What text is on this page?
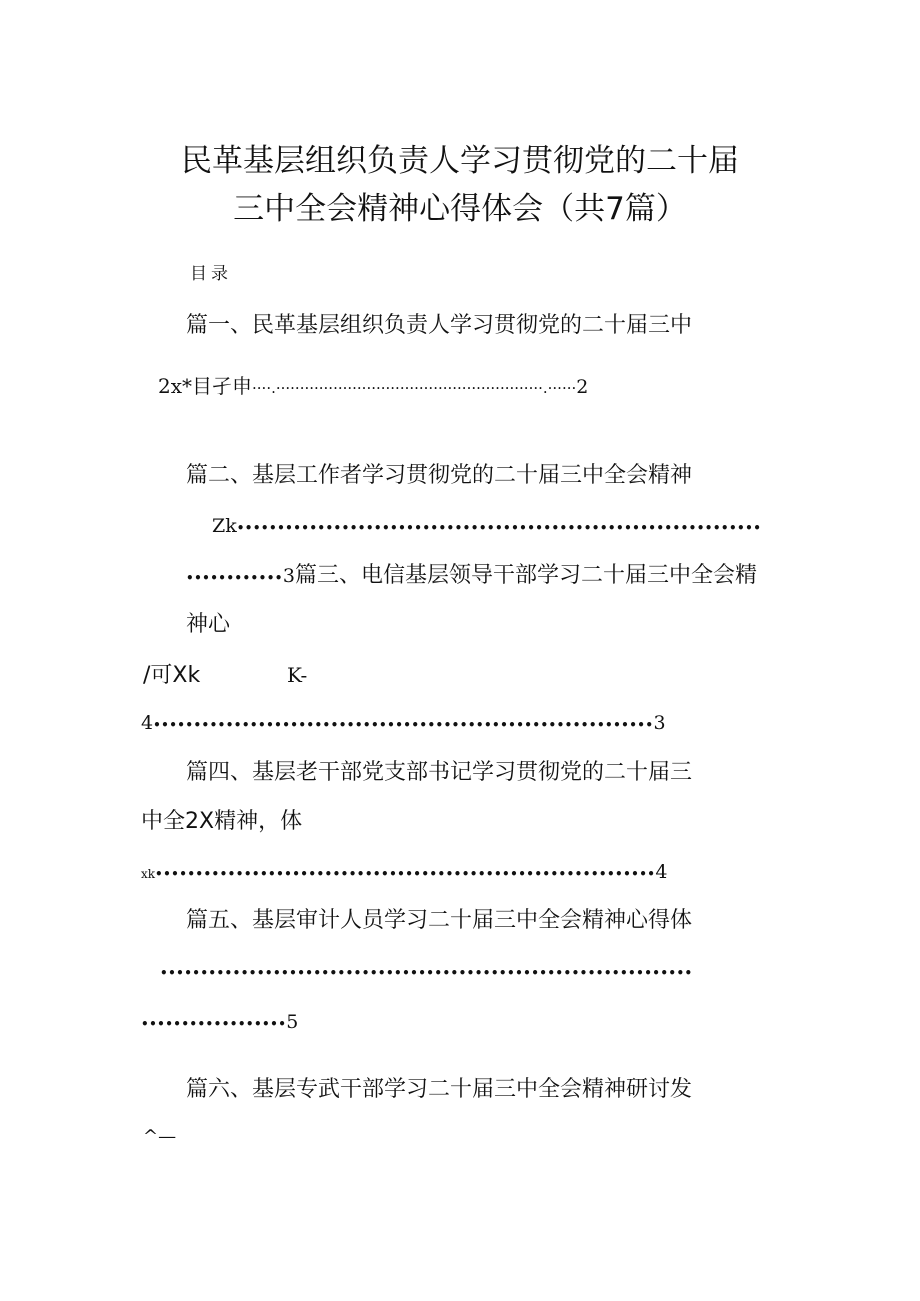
民革基层组织负责人学习贯彻党的二十届
三中全会精神心得体会（共7篇）
目录
篇一、民革基层组织负责人学习贯彻党的二十届三中
2x*目孑申····.························································.······2
篇二、基层工作者学习贯彻党的二十届三中全会精神
Zk•••••••••••••••••••••••••••••••••••••••••••••••••••••••••••••••••
••••••••••••3篇三、电信基层领导干部学习二十届三中全会精
神心
/可Xk	K-
4••••••••••••••••••••••••••••••••••••••••••••••••••••••••••••••3
篇四、基层老干部党支部书记学习贯彻党的二十届三
中全2X精神，体
xk••••••••••••••••••••••••••••••••••••••••••••••••••••••••••••••4
篇五、基层审计人员学习二十届三中全会精神心得体
••••••••••••••••••••••••••••••••••••••••••••••••••••••••••••••••••
••••••••••••••••••5
篇六、基层专武干部学习二十届三中全会精神研讨发
^—
